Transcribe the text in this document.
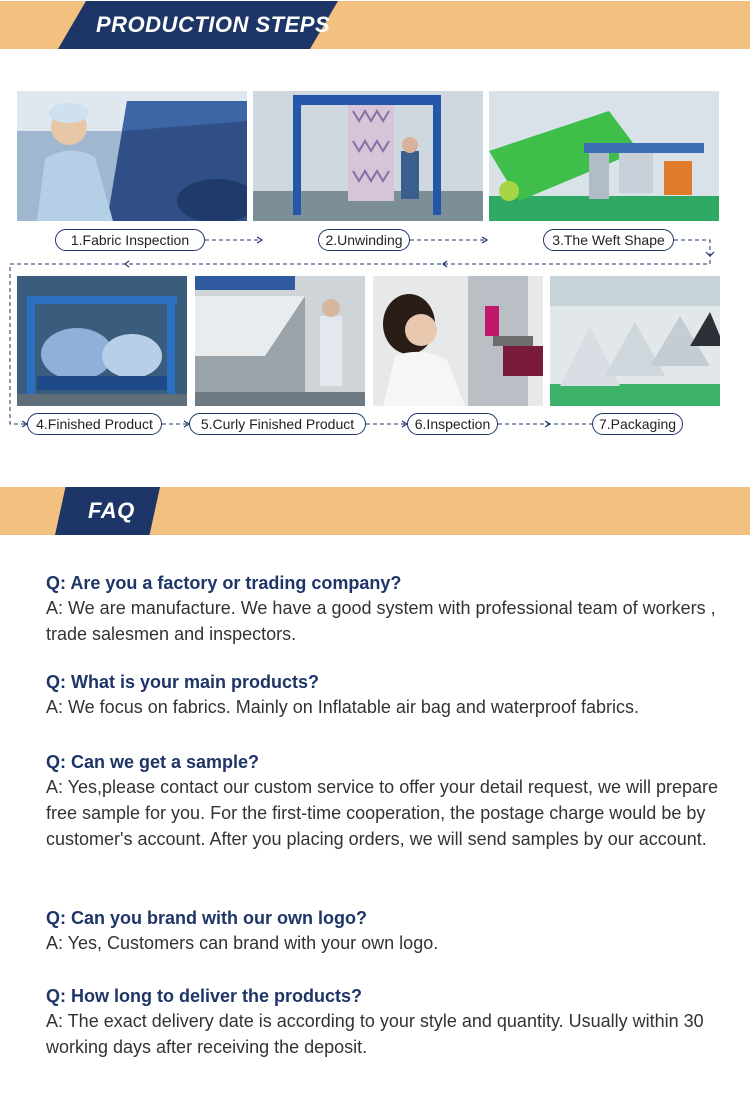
PRODUCTION STEPS
1.Fabric Inspection	2.Unwinding	3.The Weft Shape
4.Finished Product	5.Curly Finished Product	6.Inspection	7.Packaging
FAQ

Q: Are you a factory or trading company?

A: We are manufacture. We have a good system with professional team of workers , trade salesmen and inspectors.

Q: What is your main products?

A: We focus on fabrics. Mainly on Inflatable air bag and waterproof fabrics.

Q: Can we get a sample?

A: Yes,please contact our custom service to offer your detail request, we will prepare free sample for you. For the first-time cooperation, the postage charge would be by customer's account. After you placing orders, we will send samples by our account.

Q: Can you brand with our own logo?

A: Yes, Customers can brand with your own logo.

Q: How long to deliver the products?

A: The exact delivery date is according to your style and quantity. Usually within 30 working days after receiving the deposit.
